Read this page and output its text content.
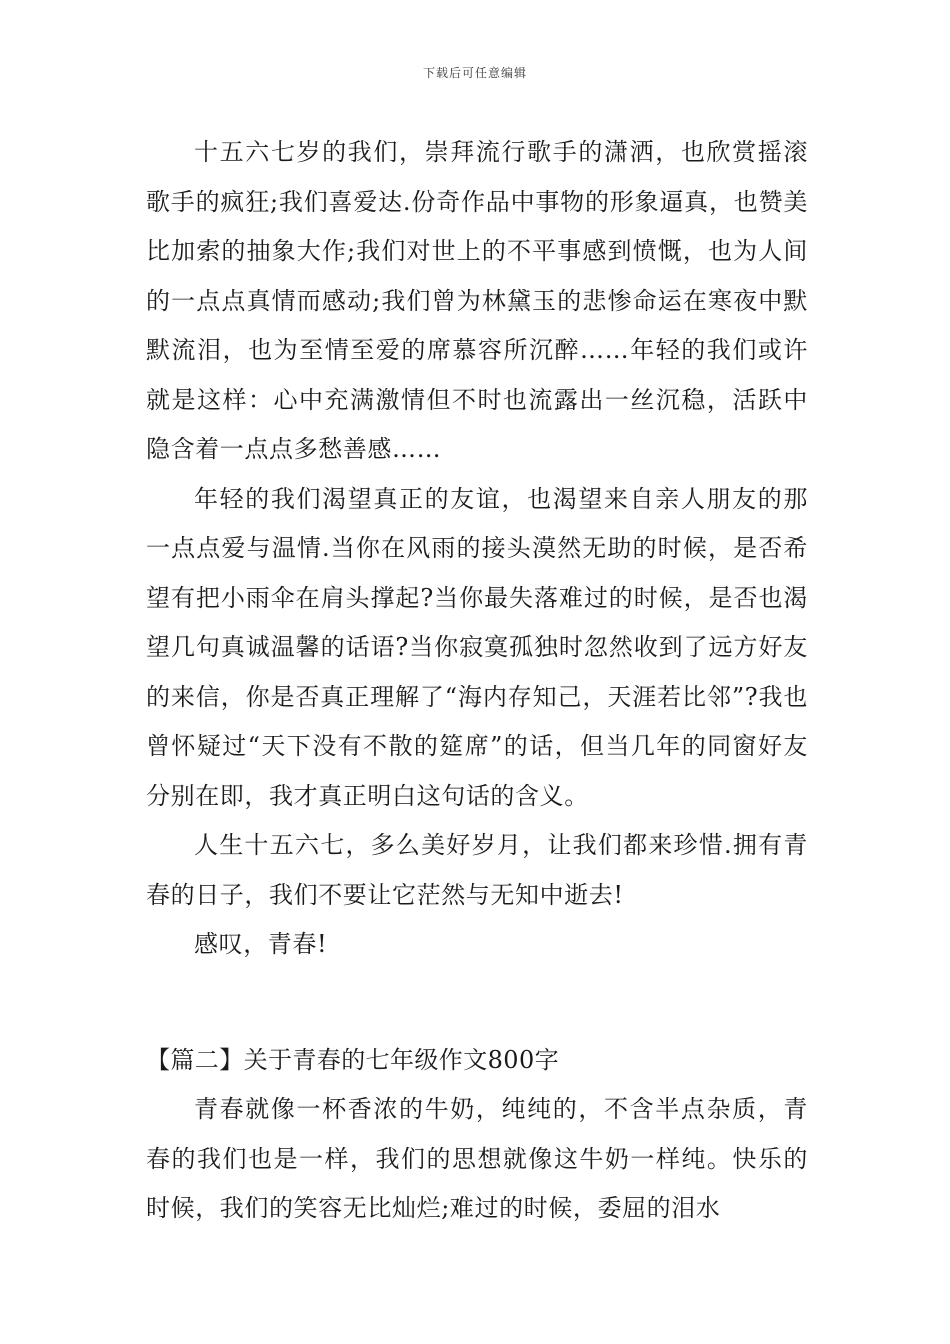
下载后可任意编辑

十五六七岁的我们，崇拜流行歌手的潇洒，也欣赏摇滚歌手的疯狂;我们喜爱达.份奇作品中事物的形象逼真，也赞美比加索的抽象大作;我们对世上的不平事感到愤慨，也为人间的一点点真情而感动;我们曾为林黛玉的悲惨命运在寒夜中默默流泪，也为至情至爱的席慕容所沉醉……年轻的我们或许就是这样：心中充满激情但不时也流露出一丝沉稳，活跃中隐含着一点点多愁善感……

年轻的我们渴望真正的友谊，也渴望来自亲人朋友的那一点点爱与温情.当你在风雨的接头漠然无助的时候，是否希望有把小雨伞在肩头撑起?当你最失落难过的时候，是否也渴望几句真诚温馨的话语?当你寂寞孤独时忽然收到了远方好友的来信，你是否真正理解了“海内存知己，天涯若比邻”?我也曾怀疑过“天下没有不散的筵席”的话，但当几年的同窗好友分别在即，我才真正明白这句话的含义。

人生十五六七，多么美好岁月，让我们都来珍惜.拥有青春的日子，我们不要让它茫然与无知中逝去!

感叹，青春!

【篇二】关于青春的七年级作文800字

青春就像一杯香浓的牛奶，纯纯的，不含半点杂质，青春的我们也是一样，我们的思想就像这牛奶一样纯。快乐的时候，我们的笑容无比灿烂;难过的时候，委屈的泪水
